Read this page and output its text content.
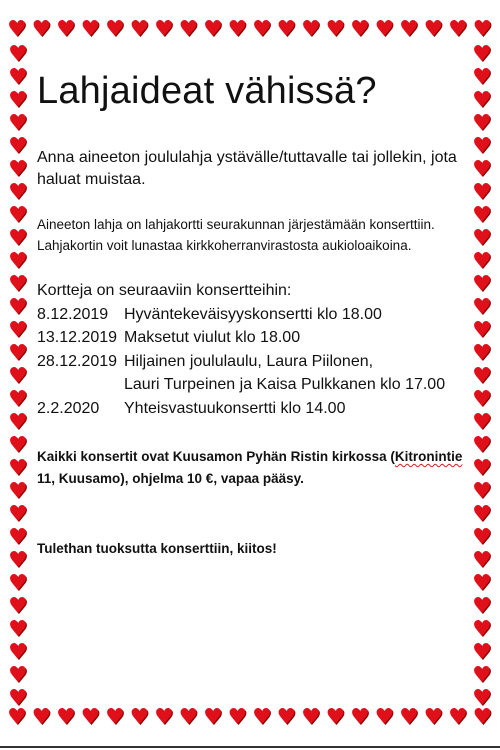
♥ ♥ ♥ ♥ ♥ ♥ ♥ ♥ ♥ ♥ ♥ ♥ ♥ ♥ ♥ ♥ ♥ ♥ ♥ ♥
♥ ♥ ♥ ♥ ♥ ♥ ♥ ♥ ♥ ♥ ♥ ♥ ♥ ♥ ♥ ♥ ♥ ♥ ♥ ♥
♥	♥
♥	♥
♥	♥
♥	♥
♥	♥
♥	♥
♥	♥
♥	♥
♥	♥
♥	♥
♥	♥
♥	♥
♥	♥
♥	♥
♥	♥
♥	♥
♥	♥
♥	♥
♥	♥
♥	♥
♥	♥
♥	♥
♥	♥
♥	♥
♥	♥
♥	♥
♥	♥
♥	♥
♥	♥
Lahjaideat vähissä?
Anna aineeton joululahja ystävälle/tuttavalle tai jollekin, jota haluat muistaa.
Aineeton lahja on lahjakortti seurakunnan järjestämään konserttiin. Lahjakortin voit lunastaa kirkkoherranvirastosta aukioloaikoina.
Kortteja on seuraaviin konsertteihin:
8.12.2019 Hyväntekeväisyyskonsertti klo 18.00
13.12.2019 Maksetut viulut klo 18.00
28.12.2019 Hiljainen joululaulu, Laura Piilonen,
Lauri Turpeinen ja Kaisa Pulkkanen klo 17.00
2.2.2020	Yhteisvastuukonsertti klo 14.00
Kaikki konsertit ovat Kuusamon Pyhän Ristin kirkossa (Kitronintie 11, Kuusamo), ohjelma 10 €, vapaa pääsy.
Tulethan tuoksutta konserttiin, kiitos!
